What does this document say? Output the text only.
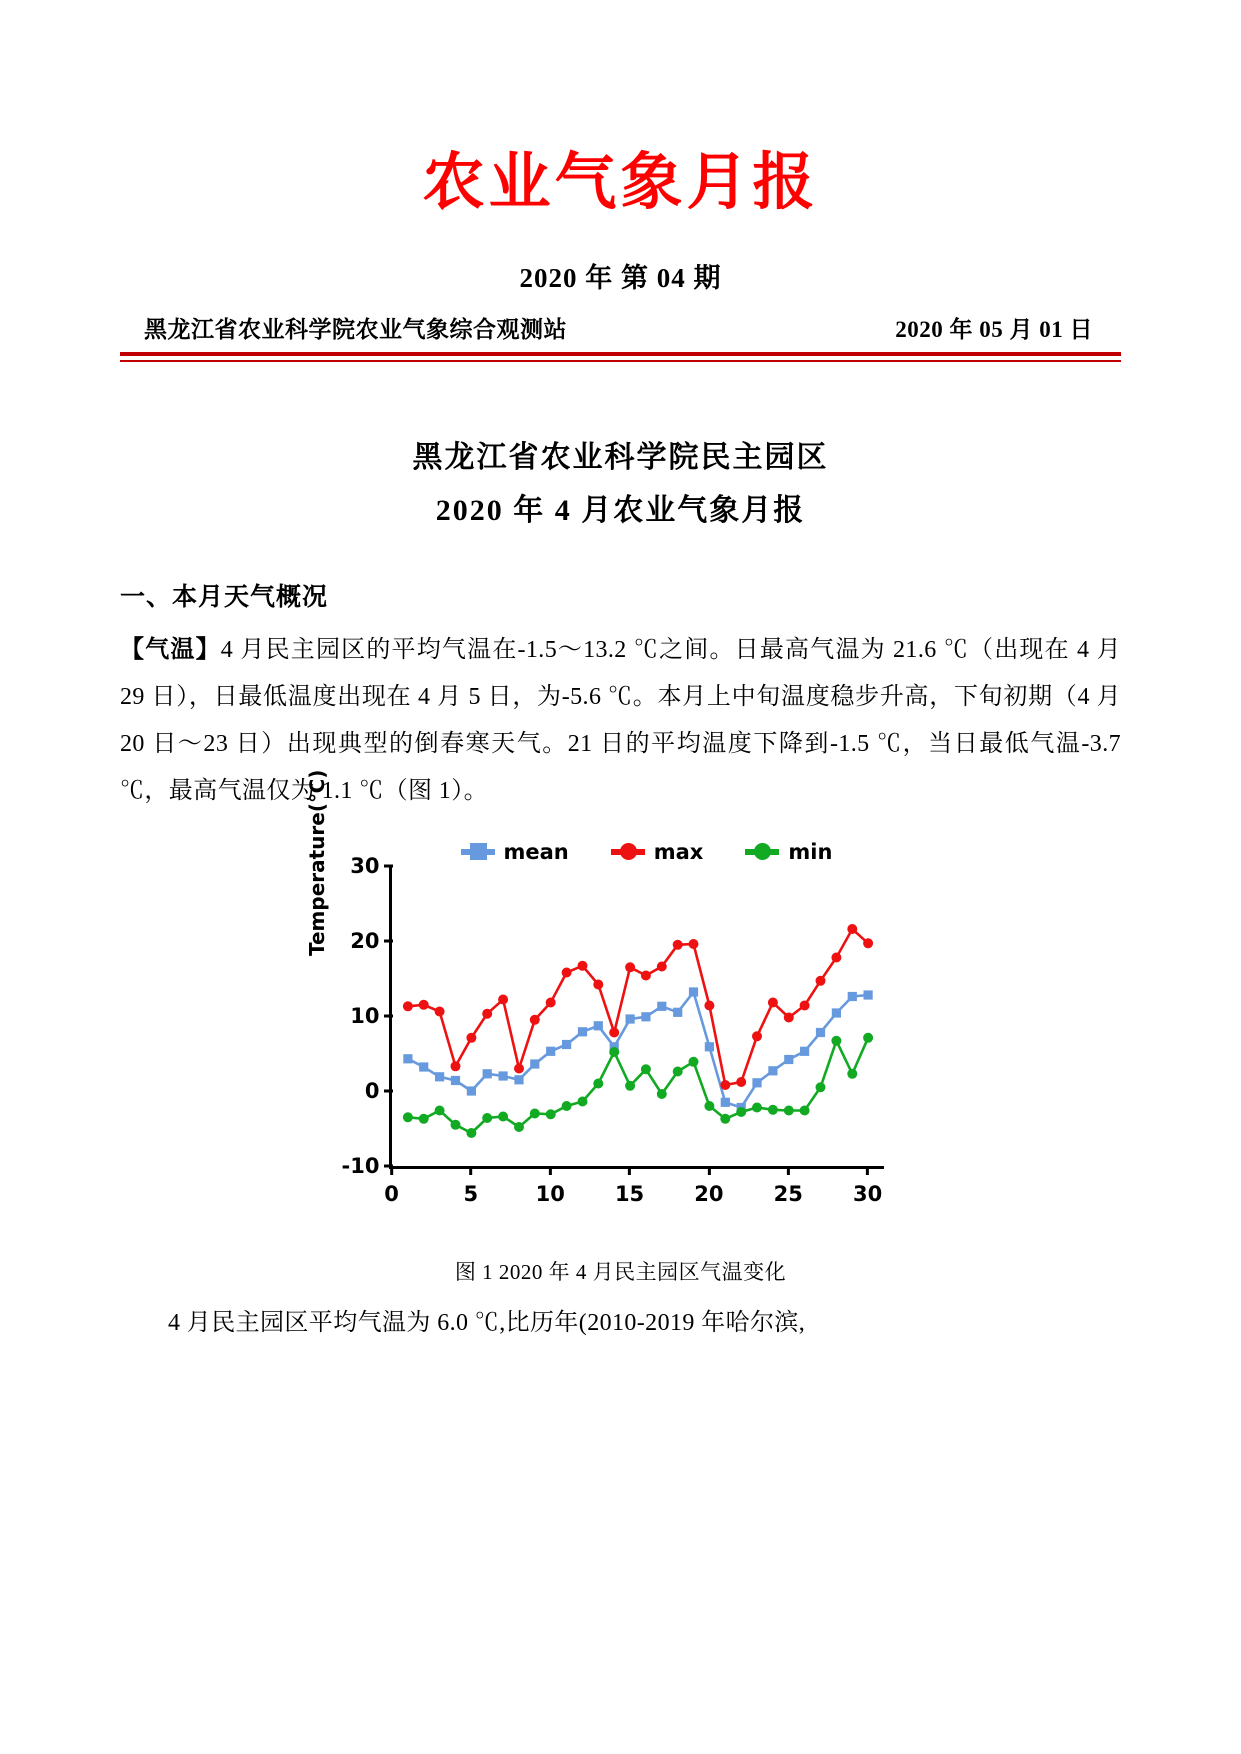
农业气象月报
2020 年 第 04 期
黑龙江省农业科学院农业气象综合观测站	2020 年 05 月 01 日
黑龙江省农业科学院民主园区
2020 年 4 月农业气象月报
一、本月天气概况

【气温】4 月民主园区的平均气温在-1.5～13.2 ℃之间。日最高气温为 21.6 ℃（出现在 4 月 29 日），日最低温度出现在 4 月 5 日，为-5.6 ℃。本月上中旬温度稳步升高，下旬初期（4 月 20 日～23 日）出现典型的倒春寒天气。21 日的平均温度下降到-1.5 ℃，当日最低气温-3.7 ℃，最高气温仅为 1.1 ℃（图 1）。

mean	max	min
Temperature(℃) 30
20
10
0
-10
0	5	10 15 20 25 30
图 1 2020 年 4 月民主园区气温变化

4 月民主园区平均气温为 6.0 ℃,比历年(2010-2019 年哈尔滨,
